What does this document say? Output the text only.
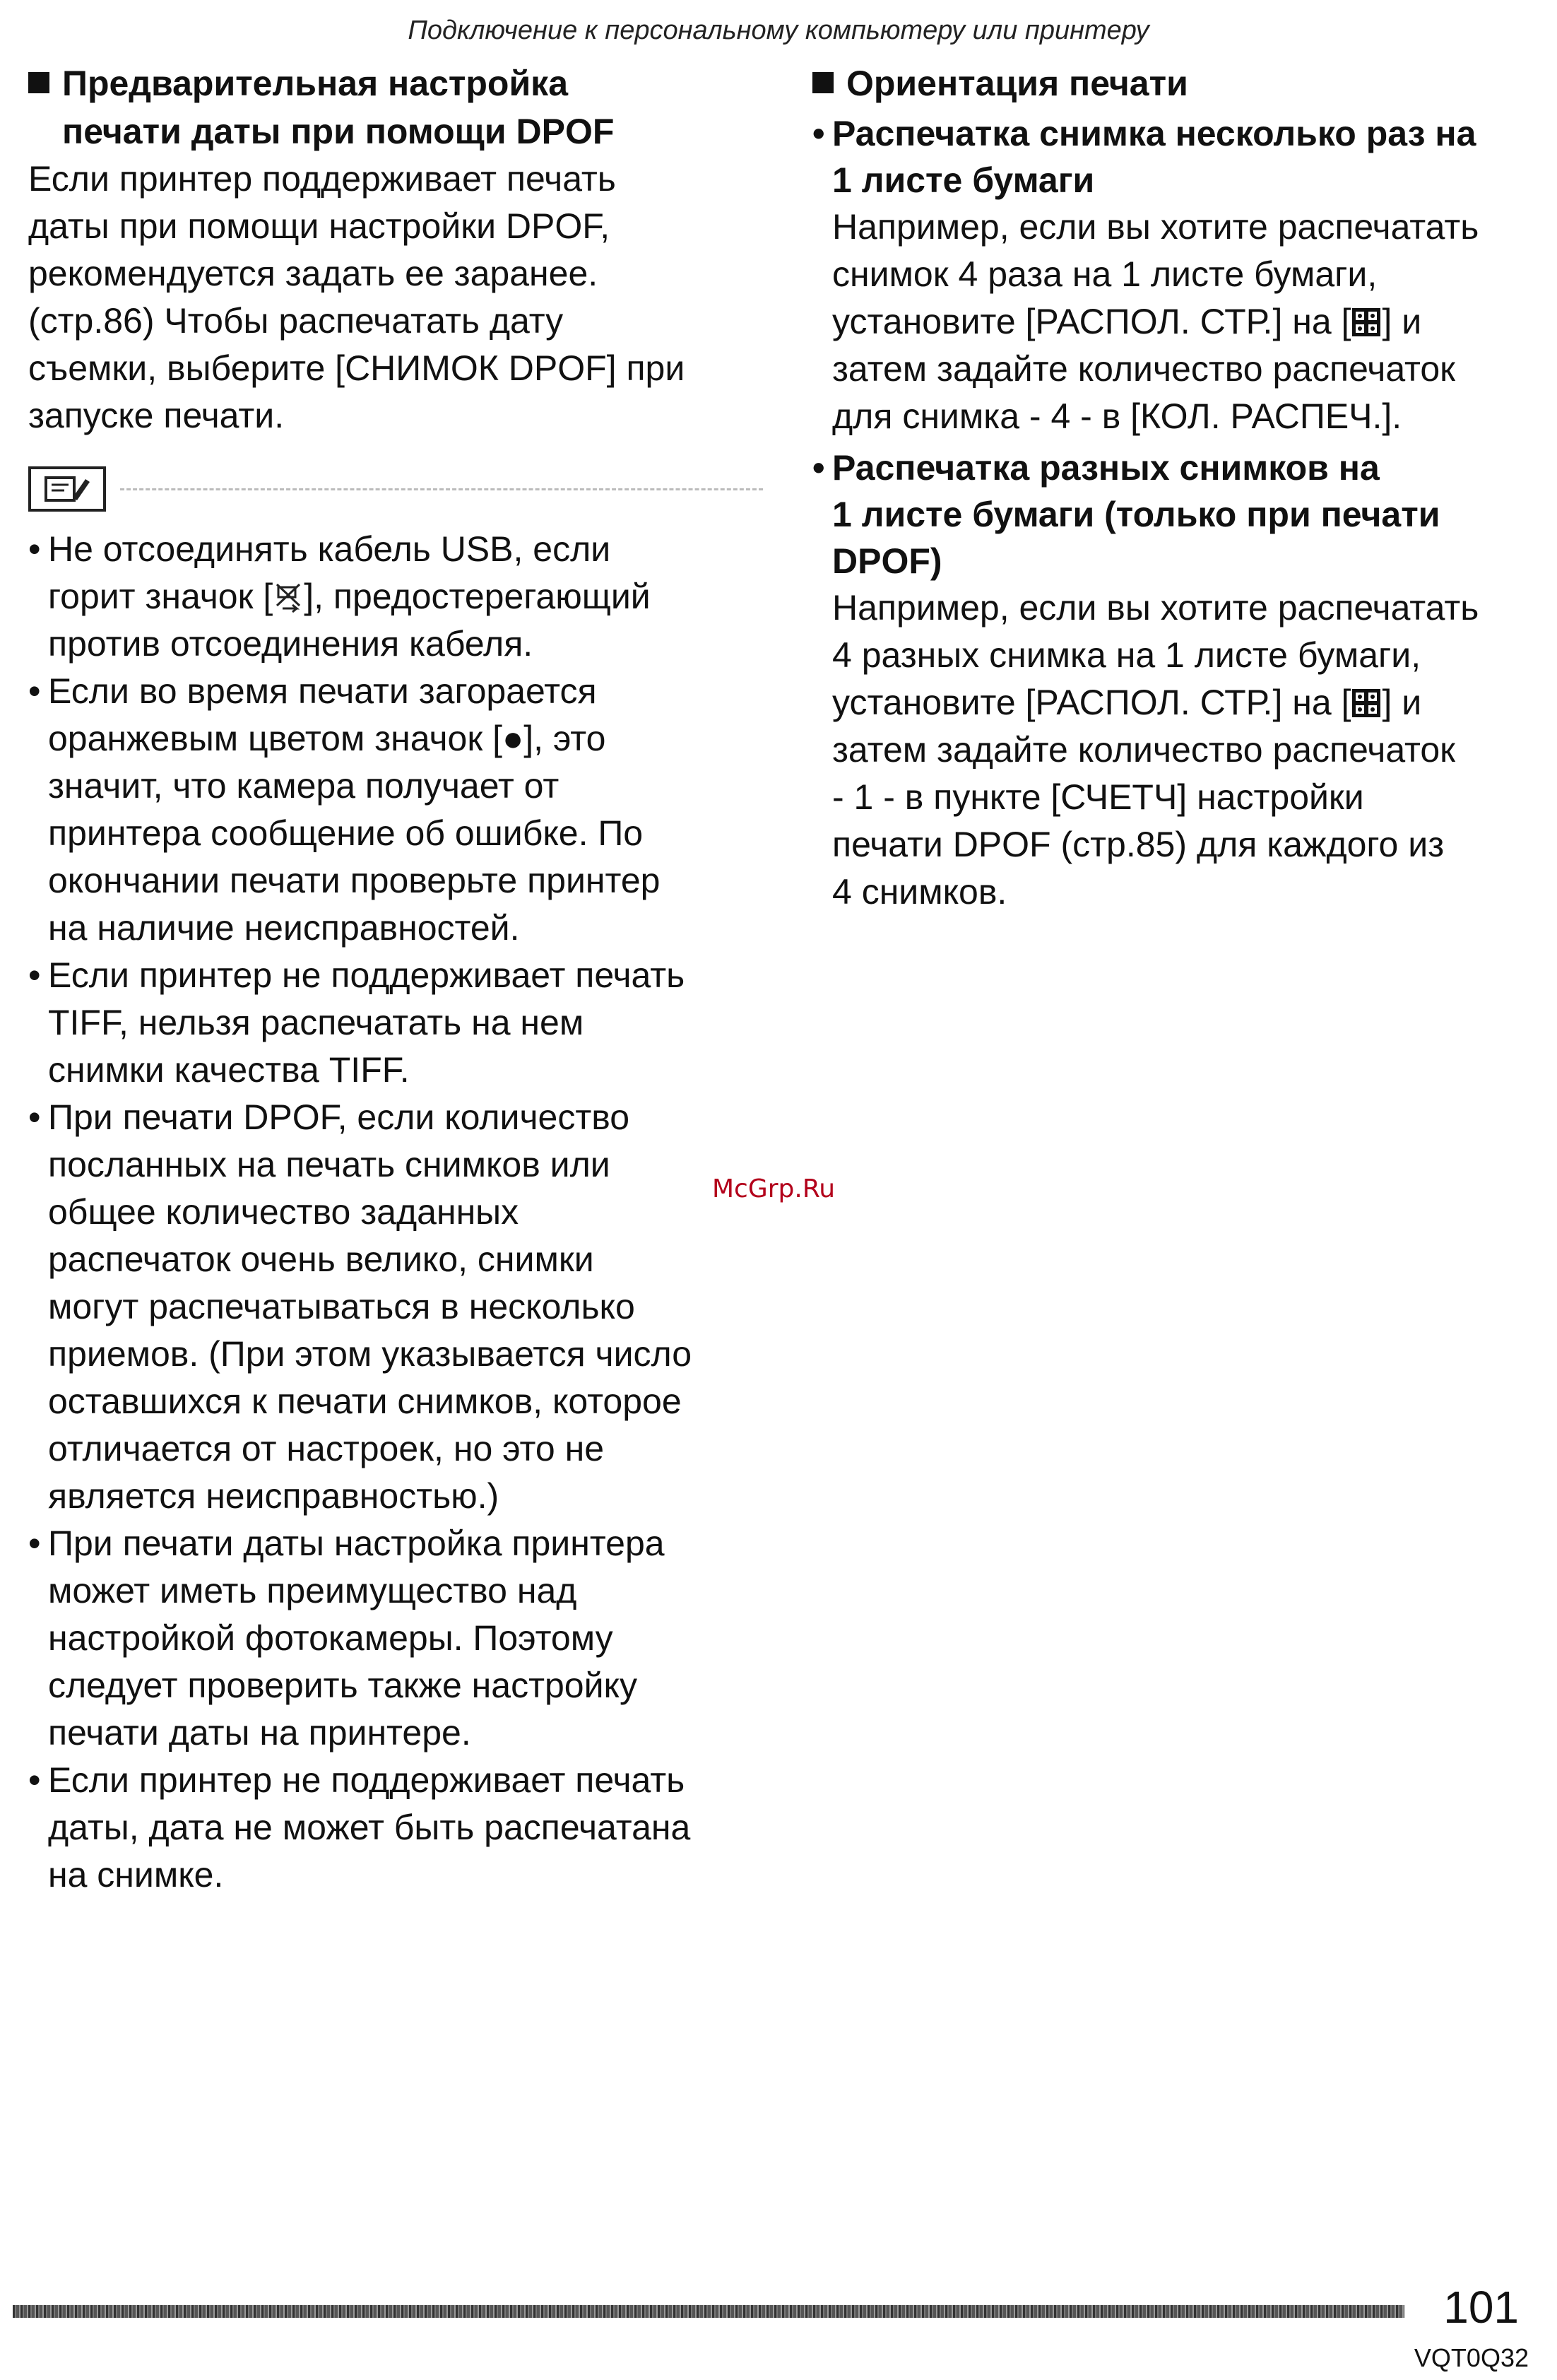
Подключение к персональному компьютеру или принтеру
Предварительная настройка
печати даты при помощи DPOF

Если принтер поддерживает печать
даты при помощи настройки DPOF,
рекомендуется задать ее заранее.
(стр.86) Чтобы распечатать дату
съемки, выберите [СНИМОК DPOF] при
запуске печати.

• Не отсоединять кабель USB, если
горит значок [ ], предостерегающий
против отсоединения кабеля.
• Если во время печати загорается
оранжевым цветом значок [●], это
значит, что камера получает от
принтера сообщение об ошибке. По
окончании печати проверьте принтер
на наличие неисправностей.
• Если принтер не поддерживает печать
TIFF, нельзя распечатать на нем
снимки качества TIFF.
• При печати DPOF, если количество
посланных на печать снимков или
общее количество заданных
распечаток очень велико, снимки
могут распечатываться в несколько
приемов. (При этом указывается число
оставшихся к печати снимков, которое
отличается от настроек, но это не
является неисправностью.)
• При печати даты настройка принтера
может иметь преимущество над
настройкой фотокамеры. Поэтому
следует проверить также настройку
печати даты на принтере.
• Если принтер не поддерживает печать
даты, дата не может быть распечатана
на снимке.
Ориентация печати
• Распечатка снимка несколько раз на
1 листе бумаги

Например, если вы хотите распечатать
снимок 4 раза на 1 листе бумаги,
установите [РАСПОЛ. СТР.] на [ ] и
затем задайте количество распечаток
для снимка - 4 - в [КОЛ. РАСПЕЧ.].

• Распечатка разных снимков на
1 листе бумаги (только при печати
DPOF)

Например, если вы хотите распечатать
4 разных снимка на 1 листе бумаги,
установите [РАСПОЛ. СТР.] на [ ] и
затем задайте количество распечаток
- 1 - в пункте [СЧЕТЧ] настройки
печати DPOF (стр.85) для каждого из
4 снимков.

McGrp.Ru
101
VQT0Q32
